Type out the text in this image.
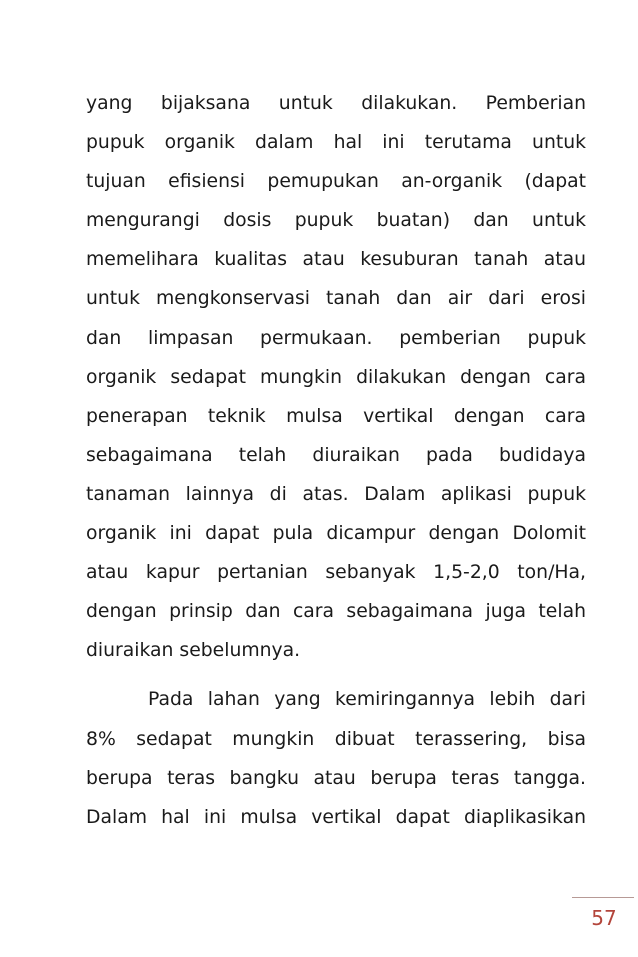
yang bijaksana untuk dilakukan. Pemberian
pupuk organik dalam hal ini terutama untuk
tujuan efisiensi pemupukan an-organik (dapat
mengurangi dosis pupuk buatan) dan untuk
memelihara kualitas atau kesuburan tanah atau
untuk mengkonservasi tanah dan air dari erosi
dan limpasan permukaan. pemberian pupuk
organik sedapat mungkin dilakukan dengan cara
penerapan teknik mulsa vertikal dengan cara
sebagaimana telah diuraikan pada budidaya
tanaman lainnya di atas. Dalam aplikasi pupuk
organik ini dapat pula dicampur dengan Dolomit
atau kapur pertanian sebanyak 1,5-2,0 ton/Ha,
dengan prinsip dan cara sebagaimana juga telah
diuraikan sebelumnya.
Pada lahan yang kemiringannya lebih dari
8% sedapat mungkin dibuat terassering, bisa
berupa teras bangku atau berupa teras tangga.
Dalam hal ini mulsa vertikal dapat diaplikasikan
57
